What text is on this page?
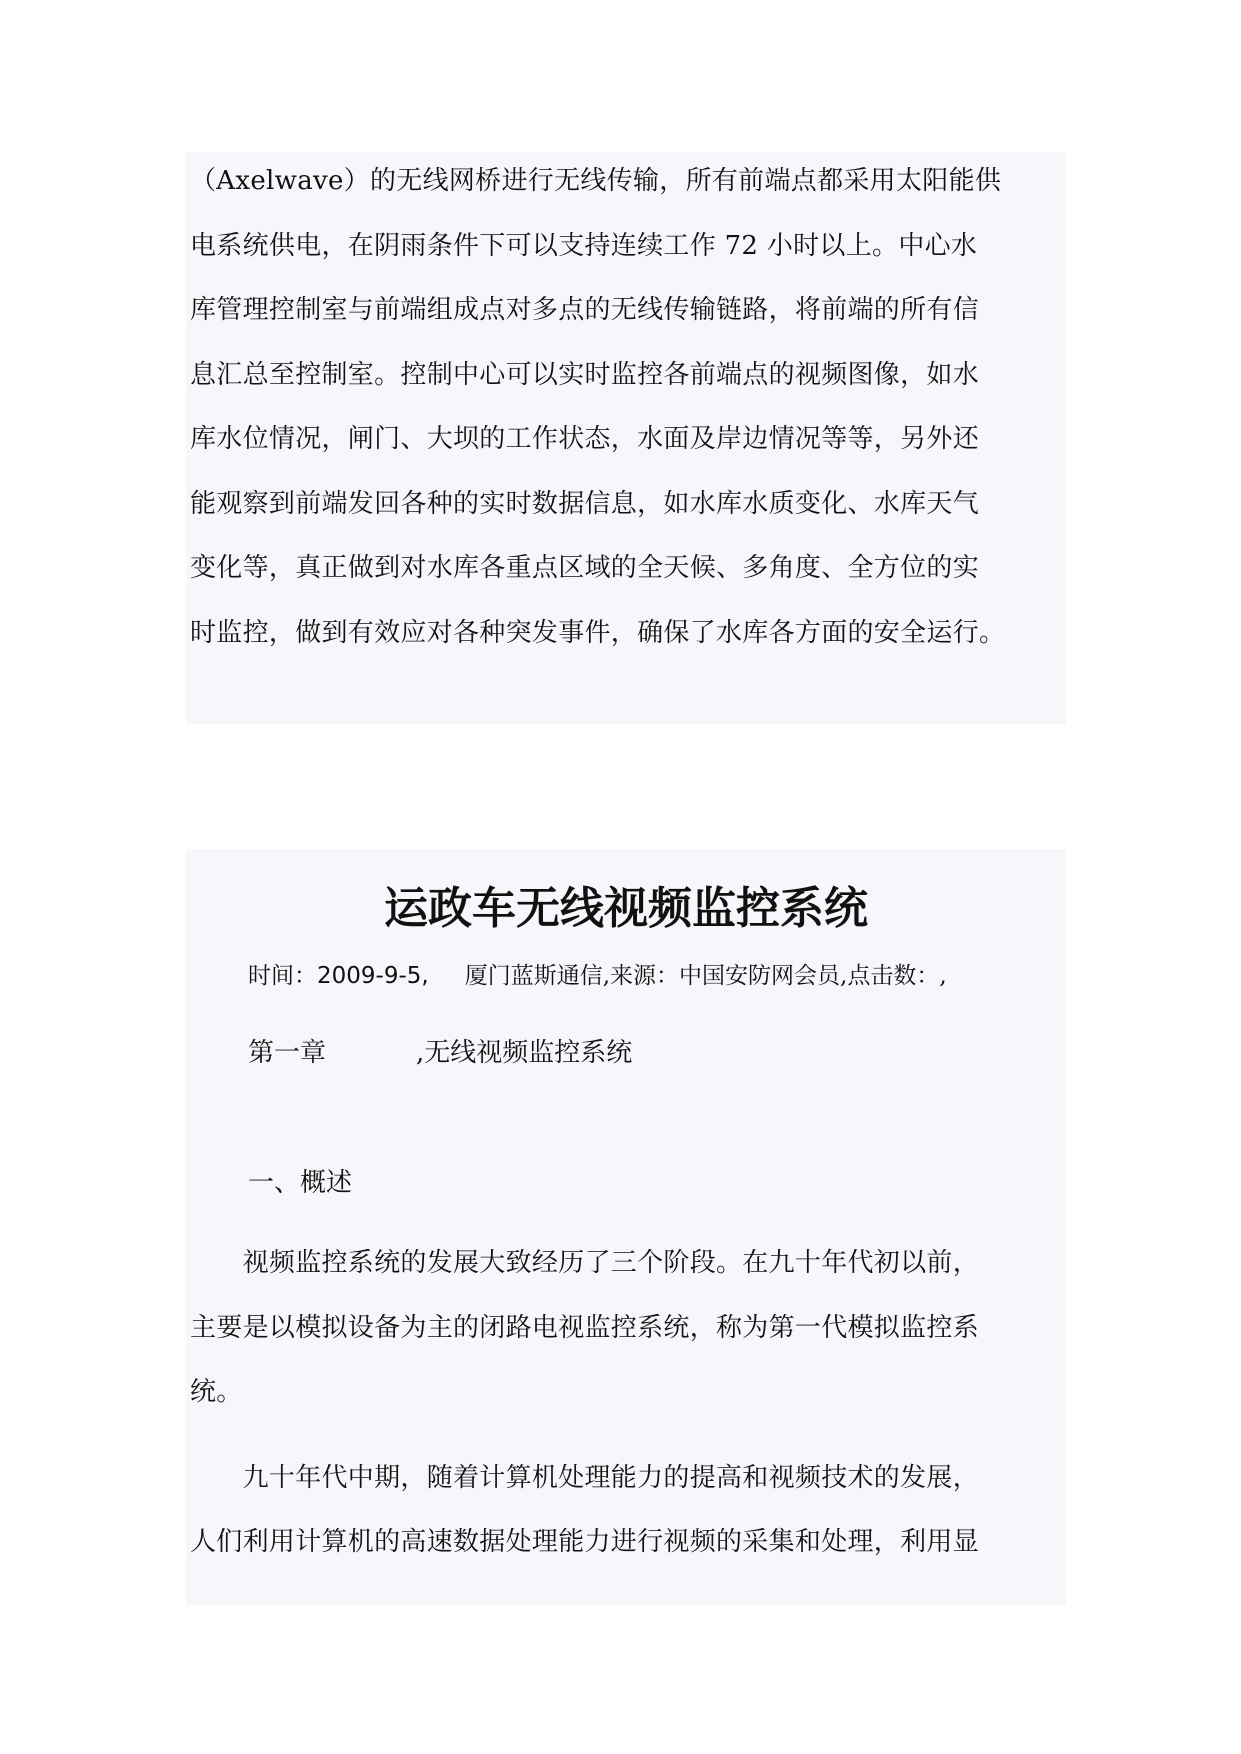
（Axelwave）的无线网桥进行无线传输，所有前端点都采用太阳能供
电系统供电，在阴雨条件下可以支持连续工作 72 小时以上。中心水
库管理控制室与前端组成点对多点的无线传输链路，将前端的所有信
息汇总至控制室。控制中心可以实时监控各前端点的视频图像，如水
库水位情况，闸门、大坝的工作状态，水面及岸边情况等等，另外还
能观察到前端发回各种的实时数据信息，如水库水质变化、水库天气
变化等，真正做到对水库各重点区域的全天候、多角度、全方位的实
时监控，做到有效应对各种突发事件，确保了水库各方面的安全运行。
运政车无线视频监控系统
时间：2009-9-5, 厦门蓝斯通信,来源：中国安防网会员,点击数：,
第一章	,无线视频监控系统
一、概述
　　视频监控系统的发展大致经历了三个阶段。在九十年代初以前，
主要是以模拟设备为主的闭路电视监控系统，称为第一代模拟监控系
统。
　　九十年代中期，随着计算机处理能力的提高和视频技术的发展，
人们利用计算机的高速数据处理能力进行视频的采集和处理，利用显
